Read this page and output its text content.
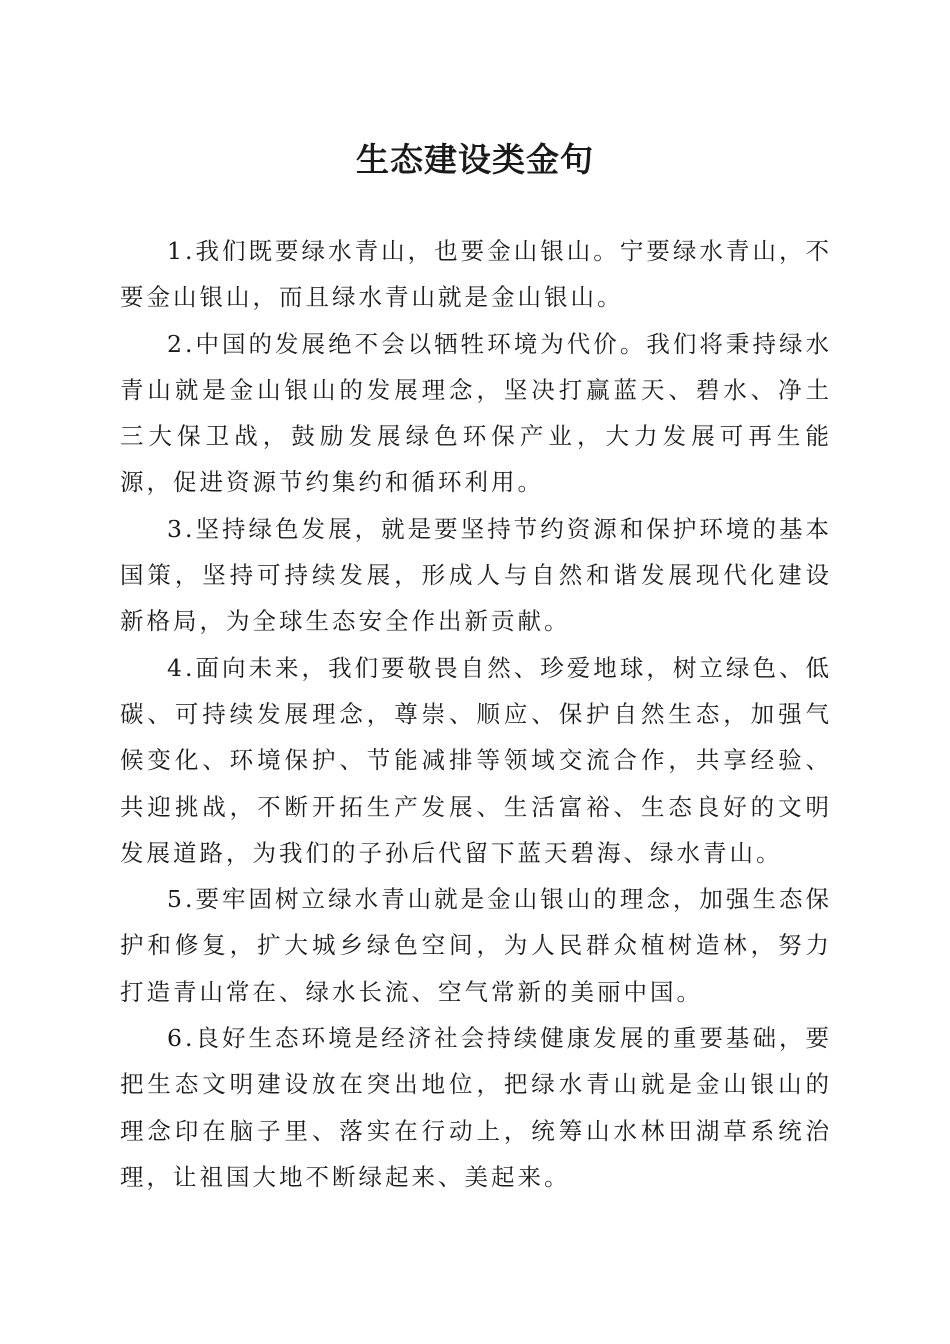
生态建设类金句

1.我们既要绿水青山，也要金山银山。宁要绿水青山，不要金山银山，而且绿水青山就是金山银山。

2.中国的发展绝不会以牺牲环境为代价。我们将秉持绿水青山就是金山银山的发展理念，坚决打赢蓝天、碧水、净土三大保卫战，鼓励发展绿色环保产业，大力发展可再生能源，促进资源节约集约和循环利用。

3.坚持绿色发展，就是要坚持节约资源和保护环境的基本国策，坚持可持续发展，形成人与自然和谐发展现代化建设新格局，为全球生态安全作出新贡献。

4.面向未来，我们要敬畏自然、珍爱地球，树立绿色、低碳、可持续发展理念，尊崇、顺应、保护自然生态，加强气候变化、环境保护、节能减排等领域交流合作，共享经验、共迎挑战，不断开拓生产发展、生活富裕、生态良好的文明发展道路，为我们的子孙后代留下蓝天碧海、绿水青山。

5.要牢固树立绿水青山就是金山银山的理念，加强生态保护和修复，扩大城乡绿色空间，为人民群众植树造林，努力打造青山常在、绿水长流、空气常新的美丽中国。

6.良好生态环境是经济社会持续健康发展的重要基础，要把生态文明建设放在突出地位，把绿水青山就是金山银山的理念印在脑子里、落实在行动上，统筹山水林田湖草系统治理，让祖国大地不断绿起来、美起来。
